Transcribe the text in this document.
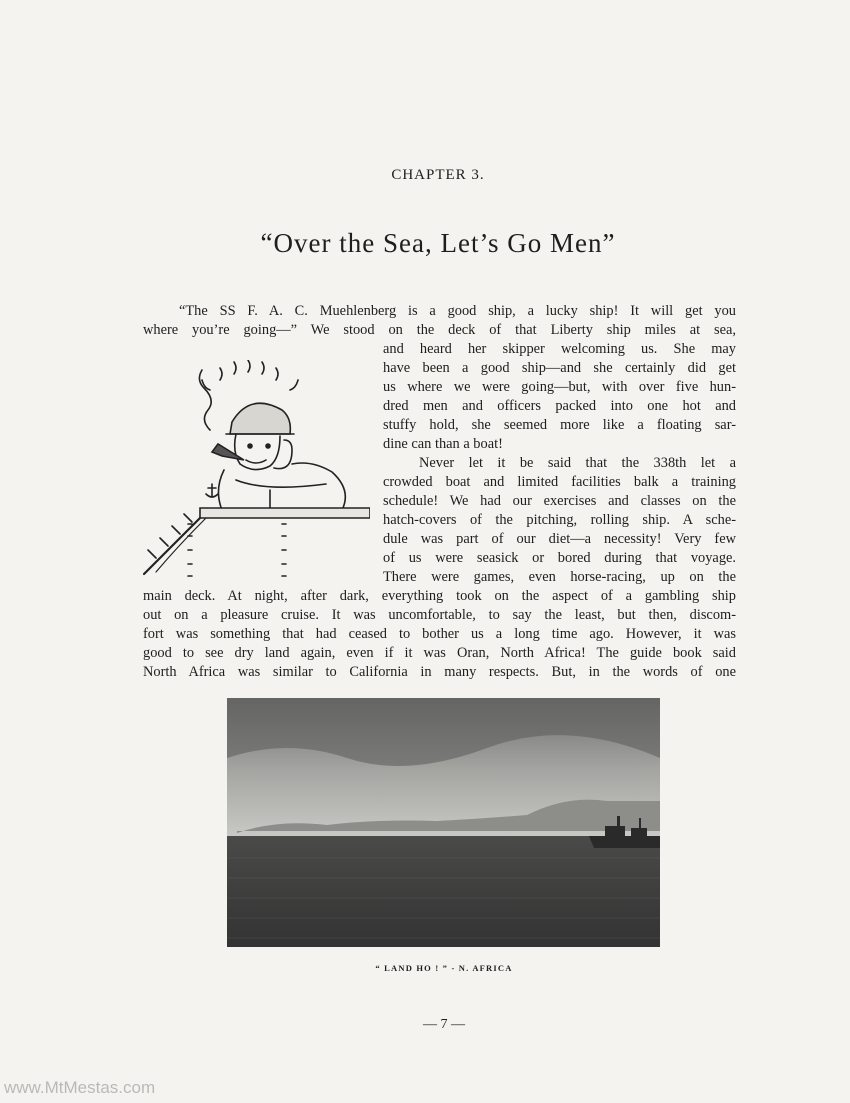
CHAPTER 3.
“Over the Sea, Let’s Go Men”
“The SS F. A. C. Muehlenberg is a good ship, a lucky ship! It will get you
where you’re going—” We stood on the deck of that Liberty ship miles at sea,
and heard her skipper welcoming us. She may
have been a good ship—and she certainly did get
us where we were going—but, with over five hun-
dred men and officers packed into one hot and
stuffy hold, she seemed more like a floating sar-
dine can than a boat!
Never let it be said that the 338th let a
crowded boat and limited facilities balk a training
schedule! We had our exercises and classes on the
hatch-covers of the pitching, rolling ship. A sche-
dule was part of our diet—a necessity! Very few
of us were seasick or bored during that voyage.
There were games, even horse-racing, up on the
main deck. At night, after dark, everything took on the aspect of a gambling ship
out on a pleasure cruise. It was uncomfortable, to say the least, but then, discom-
fort was something that had ceased to bother us a long time ago. However, it was
good to see dry land again, even if it was Oran, North Africa! The guide book said
North Africa was similar to California in many respects. But, in the words of one
“ LAND HO ! ” - N. AFRICA
— 7 —
www.MtMestas.com
